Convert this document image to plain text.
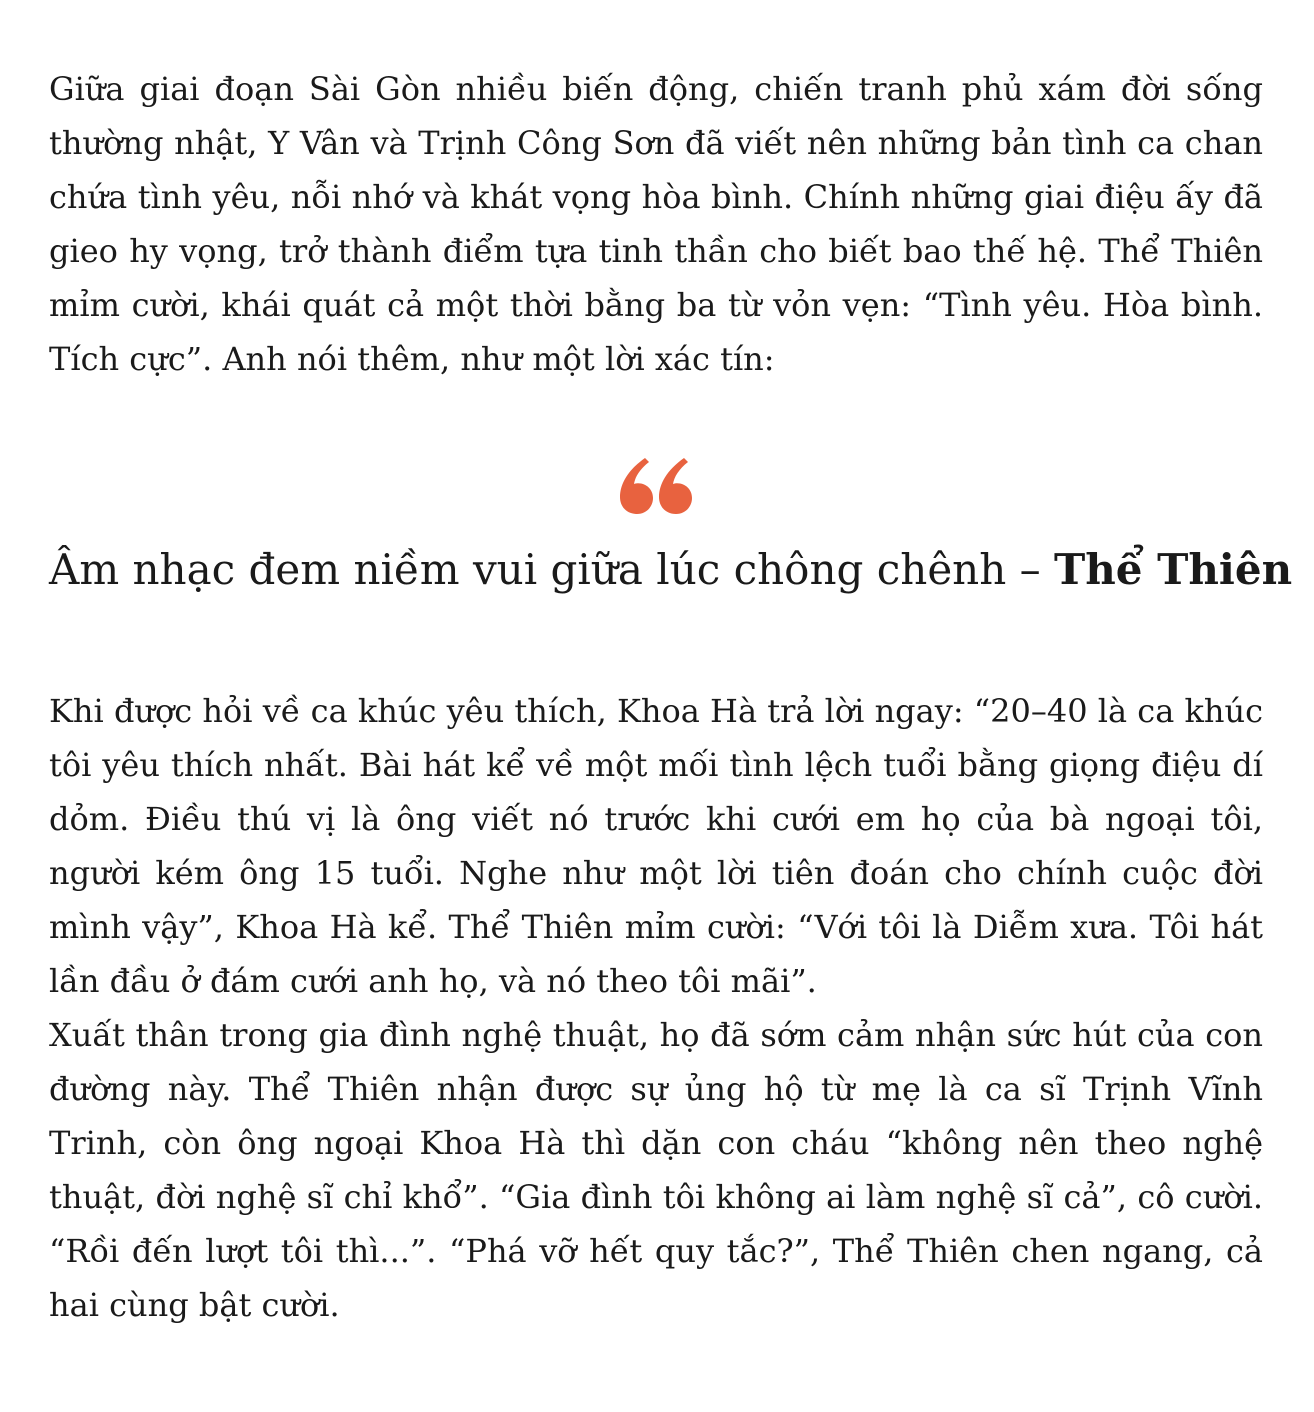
Giữa giai đoạn Sài Gòn nhiều biến động, chiến tranh phủ xám đời sống thường nhật, Y Vân và Trịnh Công Sơn đã viết nên những bản tình ca chan chứa tình yêu, nỗi nhớ và khát vọng hòa bình. Chính những giai điệu ấy đã gieo hy vọng, trở thành điểm tựa tinh thần cho biết bao thế hệ. Thể Thiên mỉm cười, khái quát cả một thời bằng ba từ vỏn vẹn: “Tình yêu. Hòa bình. Tích cực”. Anh nói thêm, như một lời xác tín:

Âm nhạc đem niềm vui giữa lúc chông chênh – Thể Thiên

Khi được hỏi về ca khúc yêu thích, Khoa Hà trả lời ngay: “20–40 là ca khúc tôi yêu thích nhất. Bài hát kể về một mối tình lệch tuổi bằng giọng điệu dí dỏm. Điều thú vị là ông viết nó trước khi cưới em họ của bà ngoại tôi, người kém ông 15 tuổi. Nghe như một lời tiên đoán cho chính cuộc đời mình vậy”, Khoa Hà kể. Thể Thiên mỉm cười: “Với tôi là Diễm xưa. Tôi hát lần đầu ở đám cưới anh họ, và nó theo tôi mãi”.

Xuất thân trong gia đình nghệ thuật, họ đã sớm cảm nhận sức hút của con đường này. Thể Thiên nhận được sự ủng hộ từ mẹ là ca sĩ Trịnh Vĩnh Trinh, còn ông ngoại Khoa Hà thì dặn con cháu “không nên theo nghệ thuật, đời nghệ sĩ chỉ khổ”. “Gia đình tôi không ai làm nghệ sĩ cả”, cô cười. “Rồi đến lượt tôi thì...”. “Phá vỡ hết quy tắc?”, Thể Thiên chen ngang, cả hai cùng bật cười.
